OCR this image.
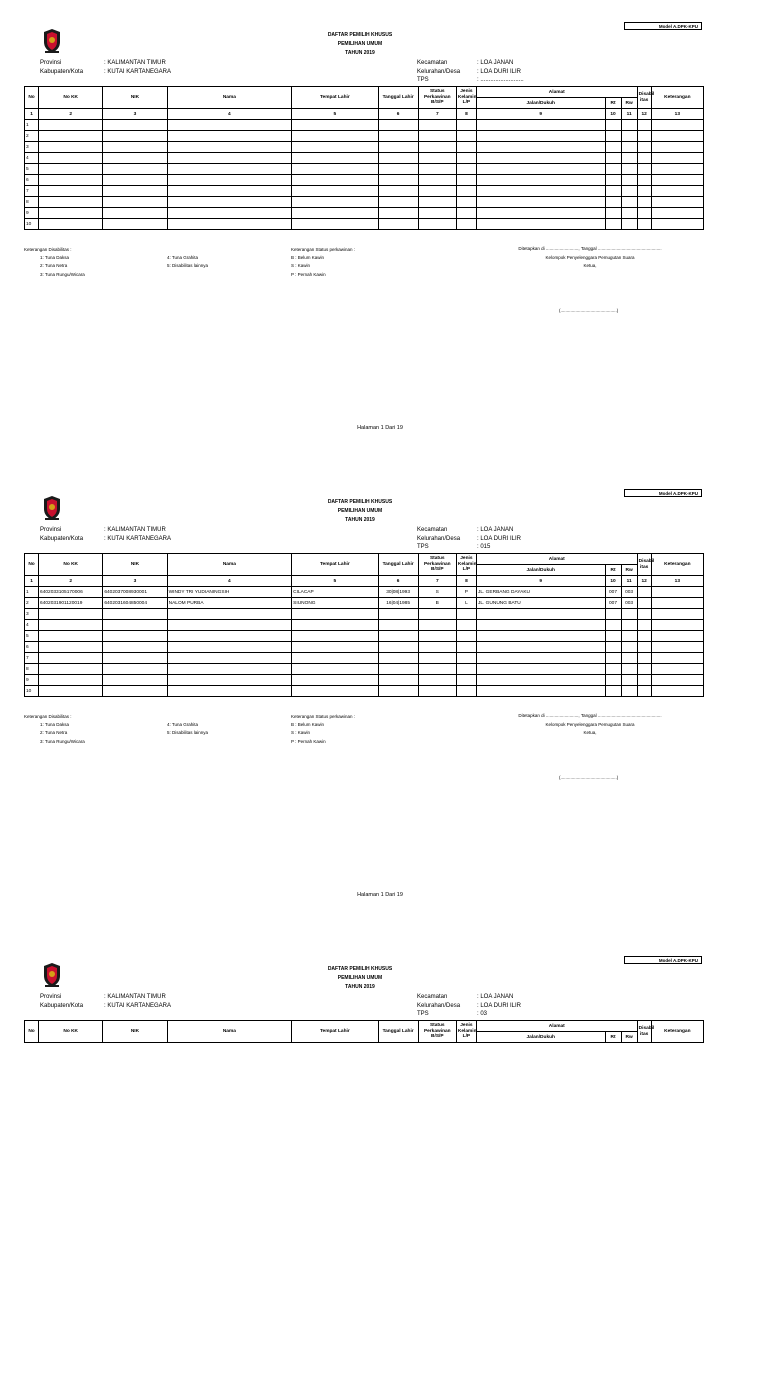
Model A.DPK-KPU
DAFTAR PEMILIH KHUSUS
PEMILIHAN UMUM
TAHUN 2019
Provinsi	: KALIMANTAN TIMUR
Kabupaten/Kota	: KUTAI KARTANEGARA
Kecamatan	: LOA JANAN
Kelurahan/Desa	: LOA DURI ILIR
TPS	: ..........................
No	No KK	NIK	Nama	Tempat Lahir	Tanggal Lahir	Status Perkawinan B/S/P	Jenis Kelamin L/P	Alamat			Disabil itas	Keterangan
								Jalan/Dukuh	Rt	Rw		
1	2	3	4	5	6	7	8	9	10	11	12	13
1												
2												
3												
4												
5												
6												
7												
8												
9												
10												
Keterangan Disabilitas :
1: Tuna Daksa
2: Tuna Netra
3: Tuna Rungu/Wicara
4: Tuna Grahita
5: Disabilitas lainnya
Keterangan Status perkawinan :
B : Belum Kawin
S : Kawin
P : Pernah Kawin
Ditetapkan di .........................., Tanggal ...................................................
Kelompok Penyelenggara Pemugutan Suara
Ketua,
(.............................................)
Halaman 1 Dari 19
Model A.DPK-KPU
DAFTAR PEMILIH KHUSUS
PEMILIHAN UMUM
TAHUN 2019
Provinsi	: KALIMANTAN TIMUR
Kabupaten/Kota	: KUTAI KARTANEGARA
Kecamatan	: LOA JANAN
Kelurahan/Desa	: LOA DURI ILIR
TPS	: 015
No	No KK	NIK	Nama	Tempat Lahir	Tanggal Lahir	Status Perkawinan B/S/P	Jenis Kelamin L/P	Alamat			Disabil itas	Keterangan
								Jalan/Dukuh	Rt	Rw		
1	2	3	4	5	6	7	8	9	10	11	12	13
1	6402033105170006	6402037008930001	WINDY TRI YUDIANINGSIH	CILACAP	30|08|1993	S	P	JL. GERBANG DAYAKU	007	003		
2	6402031901120019	6402031604850004	NALOM PURBA	SIUNONG	16|04|1985	B	L	JL. GUNUNG BATU	007	003		
3												
4												
5												
6												
7												
8												
9												
10												
Keterangan Disabilitas :
1: Tuna Daksa
2: Tuna Netra
3: Tuna Rungu/Wicara
4: Tuna Grahita
5: Disabilitas lainnya
Keterangan Status perkawinan :
B : Belum Kawin
S : Kawin
P : Pernah Kawin
Ditetapkan di .........................., Tanggal ...................................................
Kelompok Penyelenggara Pemugutan Suara
Ketua,
(.............................................)
Halaman 1 Dari 19
Model A.DPK-KPU
DAFTAR PEMILIH KHUSUS
PEMILIHAN UMUM
TAHUN 2019
Provinsi	: KALIMANTAN TIMUR
Kabupaten/Kota	: KUTAI KARTANEGARA
Kecamatan	: LOA JANAN
Kelurahan/Desa	: LOA DURI ILIR
TPS	: 03
No	No KK	NIK	Nama	Tempat Lahir	Tanggal Lahir	Status Perkawinan B/S/P	Jenis Kelamin L/P	Alamat			Disabil itas	Keterangan
								Jalan/Dukuh	Rt	Rw		
